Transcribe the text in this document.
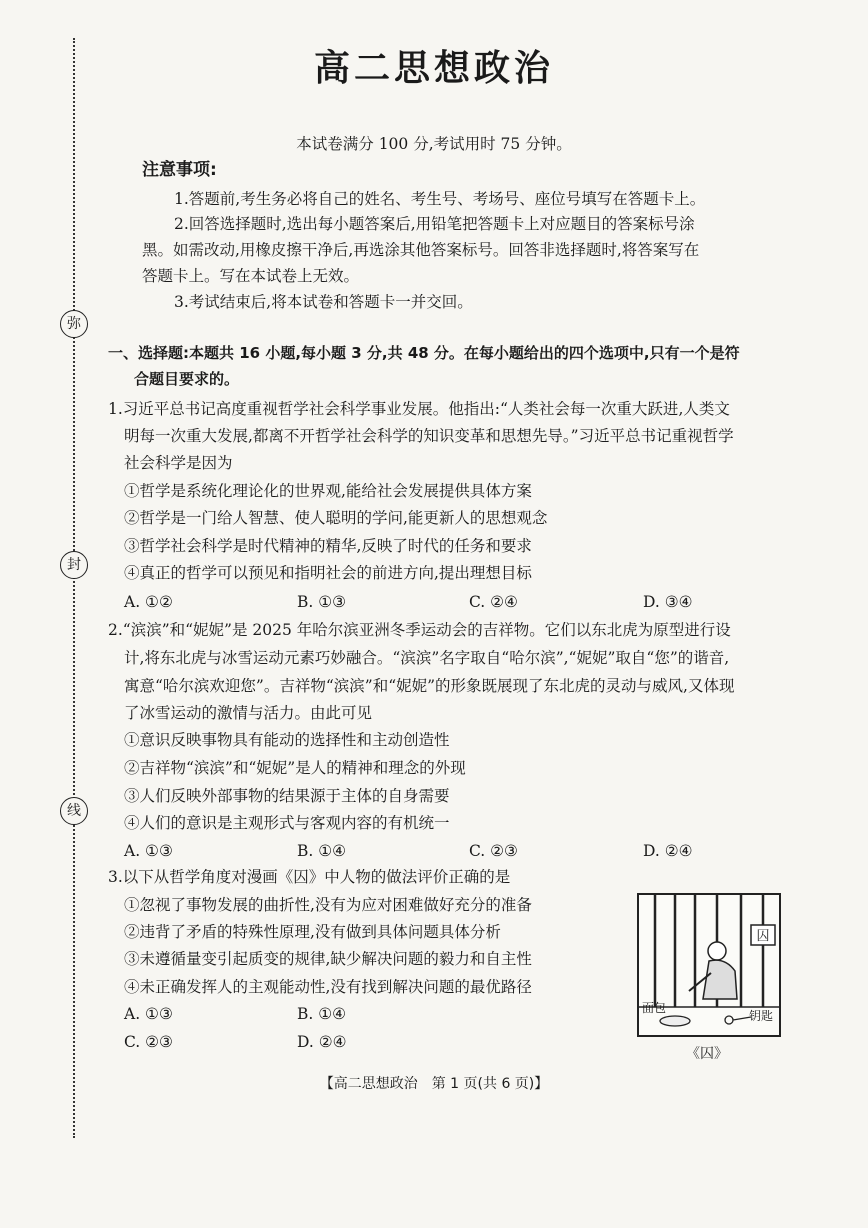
弥
封
线
高二思想政治
本试卷满分 100 分,考试用时 75 分钟。
注意事项:
1.答题前,考生务必将自己的姓名、考生号、考场号、座位号填写在答题卡上。
2.回答选择题时,选出每小题答案后,用铅笔把答题卡上对应题目的答案标号涂
黑。如需改动,用橡皮擦干净后,再选涂其他答案标号。回答非选择题时,将答案写在
答题卡上。写在本试卷上无效。
3.考试结束后,将本试卷和答题卡一并交回。
一、选择题:本题共 16 小题,每小题 3 分,共 48 分。在每小题给出的四个选项中,只有一个是符
合题目要求的。
1.习近平总书记高度重视哲学社会科学事业发展。他指出:“人类社会每一次重大跃进,人类文
明每一次重大发展,都离不开哲学社会科学的知识变革和思想先导。”习近平总书记重视哲学
社会科学是因为
①哲学是系统化理论化的世界观,能给社会发展提供具体方案
②哲学是一门给人智慧、使人聪明的学问,能更新人的思想观念
③哲学社会科学是时代精神的精华,反映了时代的任务和要求
④真正的哲学可以预见和指明社会的前进方向,提出理想目标
A. ①②	B. ①③	C. ②④	D. ③④
2.“滨滨”和“妮妮”是 2025 年哈尔滨亚洲冬季运动会的吉祥物。它们以东北虎为原型进行设
计,将东北虎与冰雪运动元素巧妙融合。“滨滨”名字取自“哈尔滨”,“妮妮”取自“您”的谐音,
寓意“哈尔滨欢迎您”。吉祥物“滨滨”和“妮妮”的形象既展现了东北虎的灵动与威风,又体现
了冰雪运动的激情与活力。由此可见
①意识反映事物具有能动的选择性和主动创造性
②吉祥物“滨滨”和“妮妮”是人的精神和理念的外现
③人们反映外部事物的结果源于主体的自身需要
④人们的意识是主观形式与客观内容的有机统一
A. ①③	B. ①④	C. ②③	D. ②④
3.以下从哲学角度对漫画《囚》中人物的做法评价正确的是
①忽视了事物发展的曲折性,没有为应对困难做好充分的准备
②违背了矛盾的特殊性原理,没有做到具体问题具体分析
③未遵循量变引起质变的规律,缺少解决问题的毅力和自主性
④未正确发挥人的主观能动性,没有找到解决问题的最优路径
A. ①③	B. ①④
C. ②③	D. ②④
囚
面包
钥匙
《囚》
【高二思想政治　第 1 页(共 6 页)】
